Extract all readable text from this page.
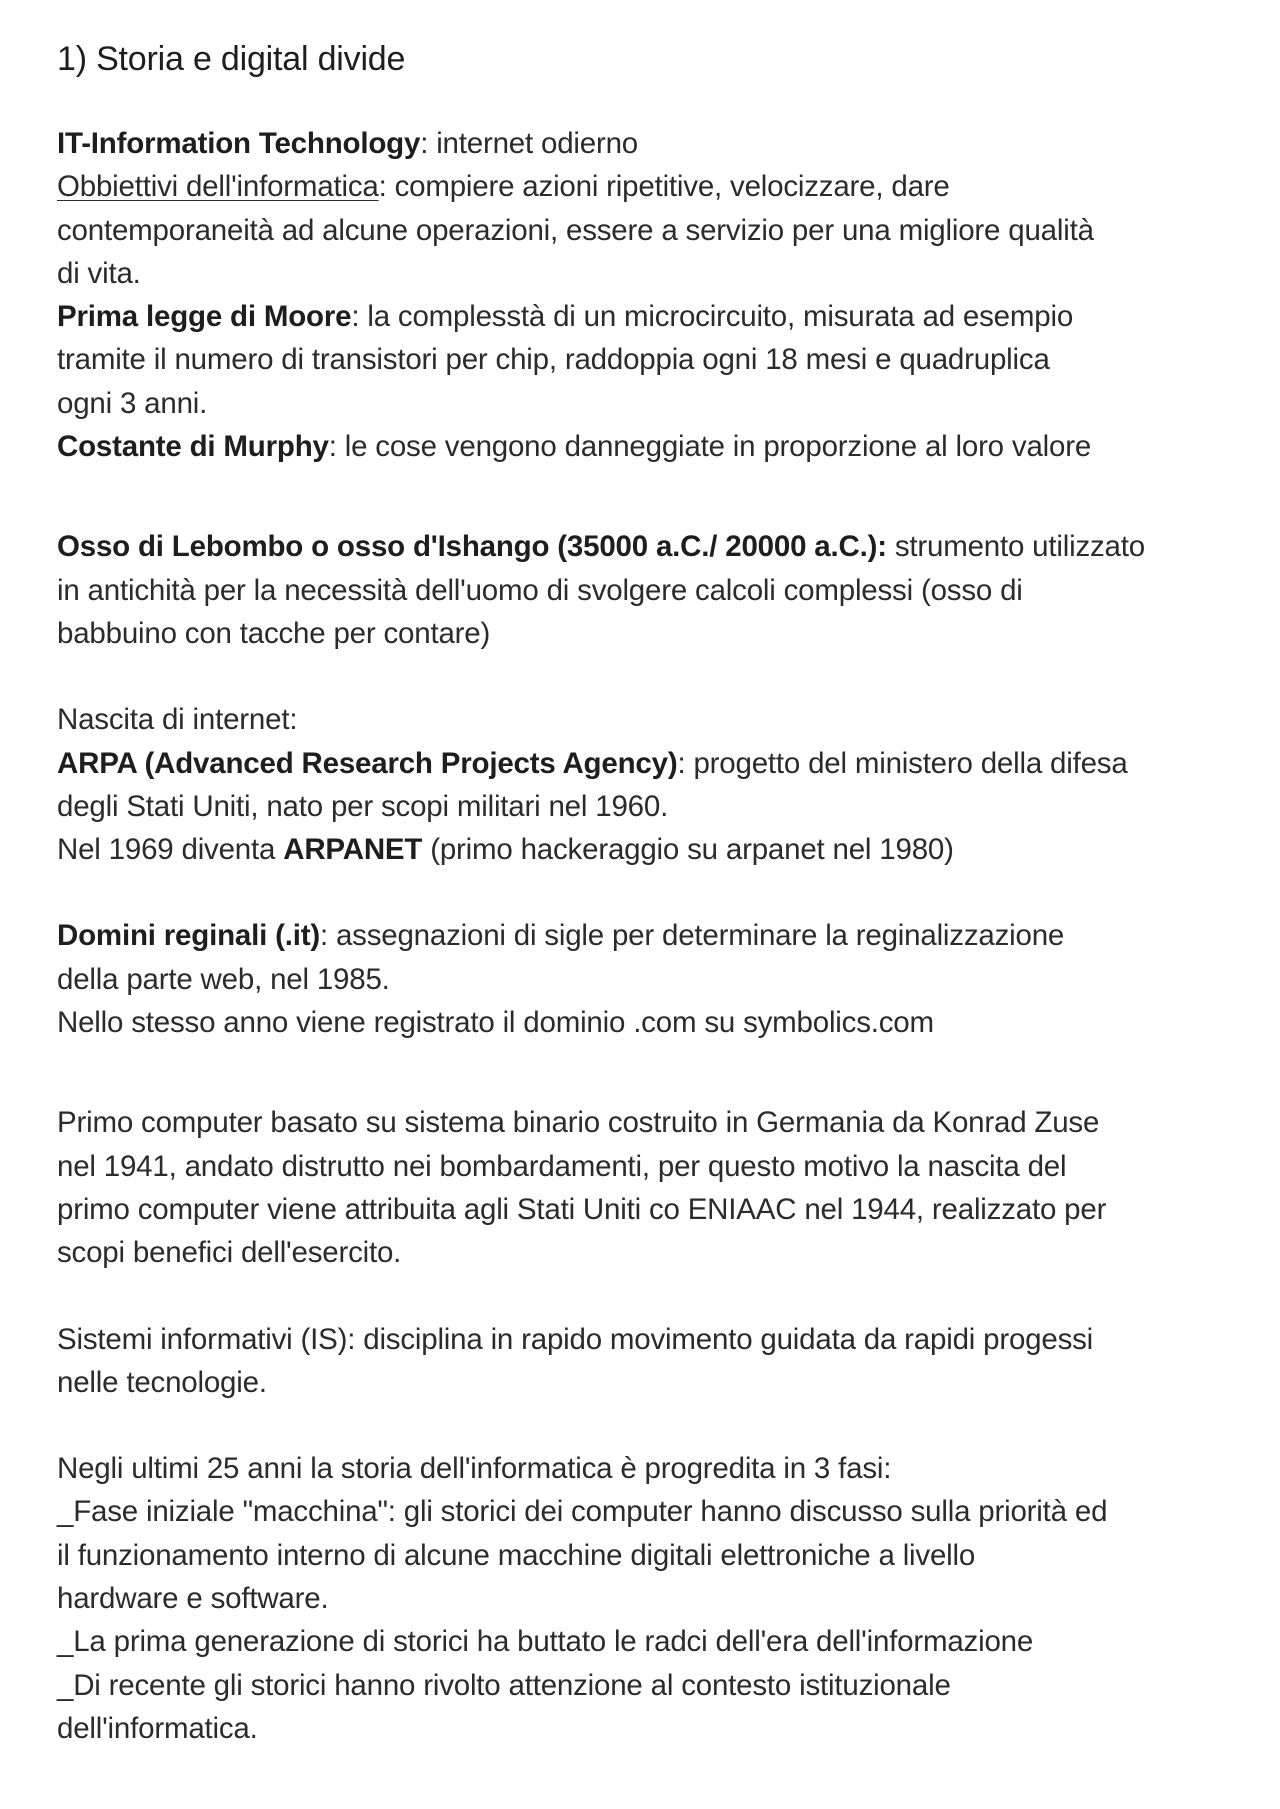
1) Storia e digital divide

IT-Information Technology: internet odierno
Obbiettivi dell'informatica: compiere azioni ripetitive, velocizzare, dare
contemporaneità ad alcune operazioni, essere a servizio per una migliore qualità
di vita.
Prima legge di Moore: la complesstà di un microcircuito, misurata ad esempio
tramite il numero di transistori per chip, raddoppia ogni 18 mesi e quadruplica
ogni 3 anni.
Costante di Murphy: le cose vengono danneggiate in proporzione al loro valore

Osso di Lebombo o osso d'Ishango (35000 a.C./ 20000 a.C.): strumento utilizzato
in antichità per la necessità dell'uomo di svolgere calcoli complessi (osso di
babbuino con tacche per contare)

Nascita di internet:
ARPA (Advanced Research Projects Agency): progetto del ministero della difesa
degli Stati Uniti, nato per scopi militari nel 1960.
Nel 1969 diventa ARPANET (primo hackeraggio su arpanet nel 1980)

Domini reginali (.it): assegnazioni di sigle per determinare la reginalizzazione
della parte web, nel 1985.
Nello stesso anno viene registrato il dominio .com su symbolics.com

Primo computer basato su sistema binario costruito in Germania da Konrad Zuse
nel 1941, andato distrutto nei bombardamenti, per questo motivo la nascita del
primo computer viene attribuita agli Stati Uniti co ENIAAC nel 1944, realizzato per
scopi benefici dell'esercito.

Sistemi informativi (IS): disciplina in rapido movimento guidata da rapidi progessi
nelle tecnologie.

Negli ultimi 25 anni la storia dell'informatica è progredita in 3 fasi:
_Fase iniziale "macchina": gli storici dei computer hanno discusso sulla priorità ed
il funzionamento interno di alcune macchine digitali elettroniche a livello
hardware e software.
_La prima generazione di storici ha buttato le radci dell'era dell'informazione
_Di recente gli storici hanno rivolto attenzione al contesto istituzionale
dell'informatica.
